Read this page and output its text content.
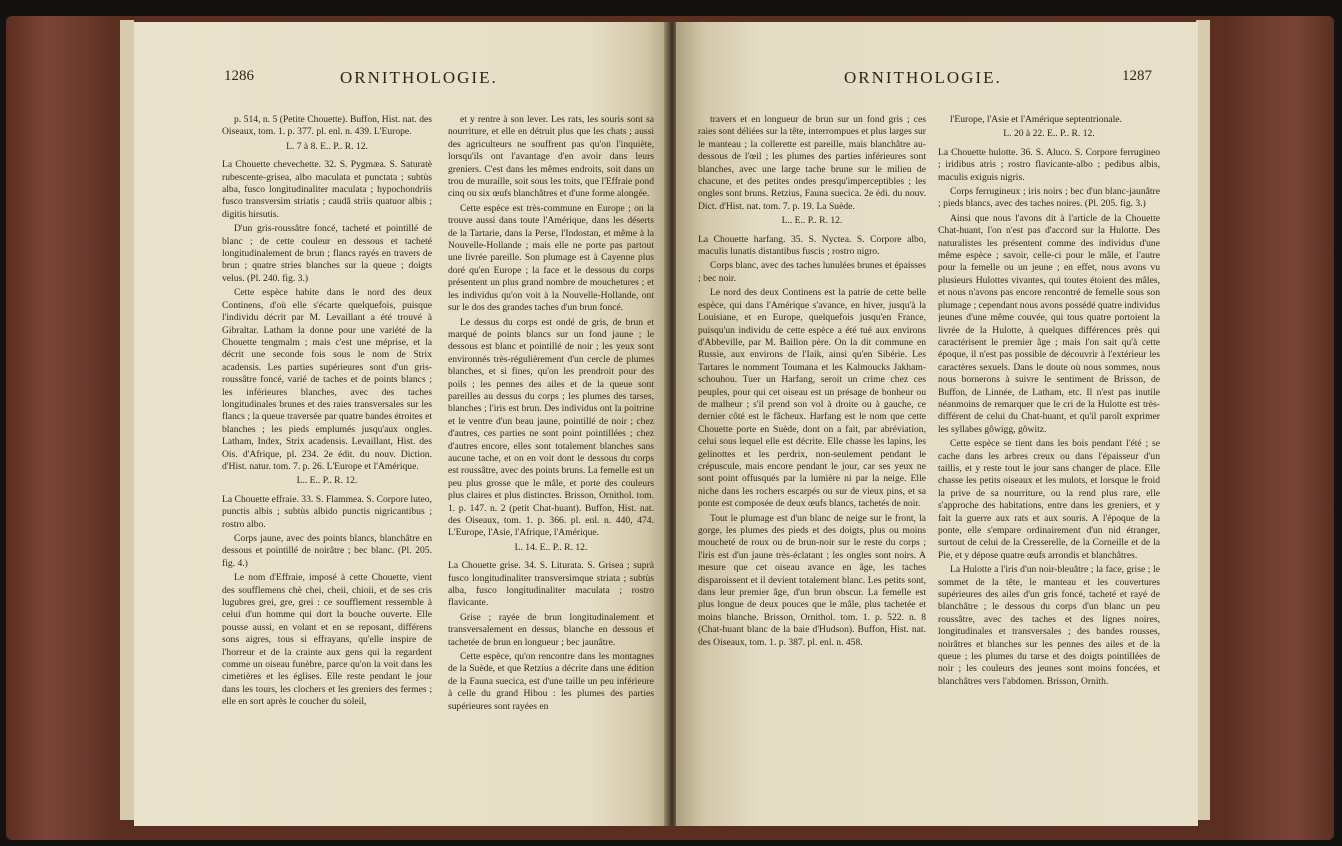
1286	ORNITHOLOGIE.

p. 514, n. 5 (Petite Chouette). Buffon, Hist. nat. des Oiseaux, tom. 1. p. 377. pl. enl. n. 439. L'Europe.

L. 7 à 8. E.. P.. R. 12.

La Chouette chevechette. 32. S. Pygmæa. S. Saturatè rubescente-grisea, albo maculata et punctata ; subtùs alba, fusco longitudinaliter maculata ; hypochondriis fusco transversìm striatis ; caudâ striis quatuor albis ; digitis hirsutis.

D'un gris-roussâtre foncé, tacheté et pointillé de blanc ; de cette couleur en dessous et tacheté longitudinalement de brun ; flancs rayés en travers de brun ; quatre stries blanches sur la queue ; doigts velus. (Pl. 240. fig. 3.)

Cette espèce habite dans le nord des deux Continens, d'où elle s'écarte quelquefois, puisque l'individu décrit par M. Levaillant a été trouvé à Gibraltar. Latham la donne pour une variété de la Chouette tengmalm ; mais c'est une méprise, et la décrit une seconde fois sous le nom de Strix acadensis. Les parties supérieures sont d'un gris-roussâtre foncé, varié de taches et de points blancs ; les inférieures blanches, avec des taches longitudinales brunes et des raies transversales sur les flancs ; la queue traversée par quatre bandes étroites et blanches ; les pieds emplumés jusqu'aux ongles. Latham, Index, Strix acadensis. Levaillant, Hist. des Ois. d'Afrique, pl. 234. 2e édit. du nouv. Diction. d'Hist. natur. tom. 7. p. 26. L'Europe et l'Amérique.

L.. E.. P.. R. 12.

La Chouette effraie. 33. S. Flammea. S. Corpore luteo, punctis albis ; subtùs albido punctis nigricantibus ; rostro albo.

Corps jaune, avec des points blancs, blanchâtre en dessous et pointillé de noirâtre ; bec blanc. (Pl. 205. fig. 4.)

Le nom d'Effraie, imposé à cette Chouette, vient des soufflemens chè chei, cheii, chioii, et de ses cris lugubres grei, gre, grei : ce soufflement ressemble à celui d'un homme qui dort la bouche ouverte. Elle pousse aussi, en volant et en se reposant, différens sons aigres, tous si effrayans, qu'elle inspire de l'horreur et de la crainte aux gens qui la regardent comme un oiseau funèbre, parce qu'on la voit dans les cimetières et les églises. Elle reste pendant le jour dans les tours, les clochers et les greniers des fermes ; elle en sort après le coucher du soleil,

et y rentre à son lever. Les rats, les souris sont sa nourriture, et elle en détruit plus que les chats ; aussi des agriculteurs ne souffrent pas qu'on l'inquiète, lorsqu'ils ont l'avantage d'en avoir dans leurs greniers. C'est dans les mêmes endroits, soit dans un trou de muraille, soit sous les toits, que l'Effraie pond cinq ou six œufs blanchâtres et d'une forme alongée.

Cette espèce est très-commune en Europe ; on la trouve aussi dans toute l'Amérique, dans les déserts de la Tartarie, dans la Perse, l'Indostan, et même à la Nouvelle-Hollande ; mais elle ne porte pas partout une livrée pareille. Son plumage est à Cayenne plus doré qu'en Europe ; la face et le dessous du corps présentent un plus grand nombre de mouchetures ; et les individus qu'on voit à la Nouvelle-Hollande, ont sur le dos des grandes taches d'un brun foncé.

Le dessus du corps est ondé de gris, de brun et marqué de points blancs sur un fond jaune ; le dessous est blanc et pointillé de noir ; les yeux sont environnés très-régulièrement d'un cercle de plumes blanches, et si fines, qu'on les prendroit pour des poils ; les pennes des ailes et de la queue sont pareilles au dessus du corps ; les plumes des tarses, blanches ; l'iris est brun. Des individus ont la poitrine et le ventre d'un beau jaune, pointillé de noir ; chez d'autres, ces parties ne sont point pointillées ; chez d'autres encore, elles sont totalement blanches sans aucune tache, et on en voit dont le dessous du corps est roussâtre, avec des points bruns. La femelle est un peu plus grosse que le mâle, et porte des couleurs plus claires et plus distinctes. Brisson, Ornithol. tom. 1. p. 147. n. 2 (petit Chat-huant). Buffon, Hist. nat. des Oiseaux, tom. 1. p. 366. pl. enl. n. 440, 474. L'Europe, l'Asie, l'Afrique, l'Amérique.

L. 14. E.. P.. R. 12.

La Chouette grise. 34. S. Liturata. S. Grisea ; suprà fusco longitudinaliter transversìmque striata ; subtùs alba, fusco longitudinaliter maculata ; rostro flavicante.

Grise ; rayée de brun longitudinalement et transversalement en dessus, blanche en dessous et tachetée de brun en longueur ; bec jaunâtre.

Cette espèce, qu'on rencontre dans les montagnes de la Suède, et que Retzius a décrite dans une édition de la Fauna suecica, est d'une taille un peu inférieure à celle du grand Hibou : les plumes des parties supérieures sont rayées en

ORNITHOLOGIE.	1287

travers et en longueur de brun sur un fond gris ; ces raies sont déliées sur la tête, interrompues et plus larges sur le manteau ; la collerette est pareille, mais blanchâtre au-dessous de l'œil ; les plumes des parties inférieures sont blanches, avec une large tache brune sur le milieu de chacune, et des petites ondes presqu'imperceptibles ; les ongles sont bruns. Retzius, Fauna suecica. 2e édi. du nouv. Dict. d'Hist. nat. tom. 7. p. 19. La Suède.

L.. E.. P.. R. 12.

La Chouette harfang. 35. S. Nyctea. S. Corpore albo, maculis lunatis distantibus fuscis ; rostro nigro.

Corps blanc, avec des taches lunulées brunes et épaisses ; bec noir.

Le nord des deux Continens est la patrie de cette belle espèce, qui dans l'Amérique s'avance, en hiver, jusqu'à la Louisiane, et en Europe, quelquefois jusqu'en France, puisqu'un individu de cette espèce a été tué aux environs d'Abbeville, par M. Baillon père. On la dit commune en Russie, aux environs de l'Iaik, ainsi qu'en Sibérie. Les Tartares le nomment Toumana et les Kalmoucks Jakham-schouhou. Tuer un Harfang, seroit un crime chez ces peuples, pour qui cet oiseau est un présage de bonheur ou de malheur ; s'il prend son vol à droite ou à gauche, ce dernier côté est le fâcheux. Harfang est le nom que cette Chouette porte en Suède, dont on a fait, par abréviation, celui sous lequel elle est décrite. Elle chasse les lapins, les gelinottes et les perdrix, non-seulement pendant le crépuscule, mais encore pendant le jour, car ses yeux ne sont point offusqués par la lumière ni par la neige. Elle niche dans les rochers escarpés ou sur de vieux pins, et sa ponte est composée de deux œufs blancs, tachetés de noir.

Tout le plumage est d'un blanc de neige sur le front, la gorge, les plumes des pieds et des doigts, plus ou moins moucheté de roux ou de brun-noir sur le reste du corps ; l'iris est d'un jaune très-éclatant ; les ongles sont noirs. A mesure que cet oiseau avance en âge, les taches disparoissent et il devient totalement blanc. Les petits sont, dans leur premier âge, d'un brun obscur. La femelle est plus longue de deux pouces que le mâle, plus tachetée et moins blanche. Brisson, Ornithol. tom. 1. p. 522. n. 8 (Chat-huant blanc de la baie d'Hudson). Buffon, Hist. nat. des Oiseaux, tom. 1. p. 387. pl. enl. n. 458.

l'Europe, l'Asie et l'Amérique septentrionale.

L. 20 à 22. E.. P.. R. 12.

La Chouette hulotte. 36. S. Aluco. S. Corpore ferrugineo ; iridibus atris ; rostro flavicante-albo ; pedibus albis, maculis exiguis nigris.

Corps ferrugineux ; iris noirs ; bec d'un blanc-jaunâtre ; pieds blancs, avec des taches noires. (Pl. 205. fig. 3.)

Ainsi que nous l'avons dit à l'article de la Chouette Chat-huant, l'on n'est pas d'accord sur la Hulotte. Des naturalistes les présentent comme des individus d'une même espèce ; savoir, celle-ci pour le mâle, et l'autre pour la femelle ou un jeune ; en effet, nous avons vu plusieurs Hulottes vivantes, qui toutes étoient des mâles, et nous n'avons pas encore rencontré de femelle sous son plumage ; cependant nous avons possédé quatre individus jeunes d'une même couvée, qui tous quatre portoient la livrée de la Hulotte, à quelques différences près qui caractérisent le premier âge ; mais l'on sait qu'à cette époque, il n'est pas possible de découvrir à l'extérieur les caractères sexuels. Dans le doute où nous sommes, nous nous bornerons à suivre le sentiment de Brisson, de Buffon, de Linnée, de Latham, etc. Il n'est pas inutile néanmoins de remarquer que le cri de la Hulotte est très-différent de celui du Chat-huant, et qu'il paroît exprimer les syllabes gôwigg, gôwitz.

Cette espèce se tient dans les bois pendant l'été ; se cache dans les arbres creux ou dans l'épaisseur d'un taillis, et y reste tout le jour sans changer de place. Elle chasse les petits oiseaux et les mulots, et lorsque le froid la prive de sa nourriture, ou la rend plus rare, elle s'approche des habitations, entre dans les greniers, et y fait la guerre aux rats et aux souris. A l'époque de la ponte, elle s'empare ordinairement d'un nid étranger, surtout de celui de la Cresserelle, de la Corneille et de la Pie, et y dépose quatre œufs arrondis et blanchâtres.

La Hulotte a l'iris d'un noir-bleuâtre ; la face, grise ; le sommet de la tête, le manteau et les couvertures supérieures des ailes d'un gris foncé, tacheté et rayé de blanchâtre ; le dessous du corps d'un blanc un peu roussâtre, avec des taches et des lignes noires, longitudinales et transversales ; des bandes rousses, noirâtres et blanches sur les pennes des ailes et de la queue ; les plumes du tarse et des doigts pointillées de noir ; les couleurs des jeunes sont moins foncées, et blanchâtres vers l'abdomen. Brisson, Ornith.
